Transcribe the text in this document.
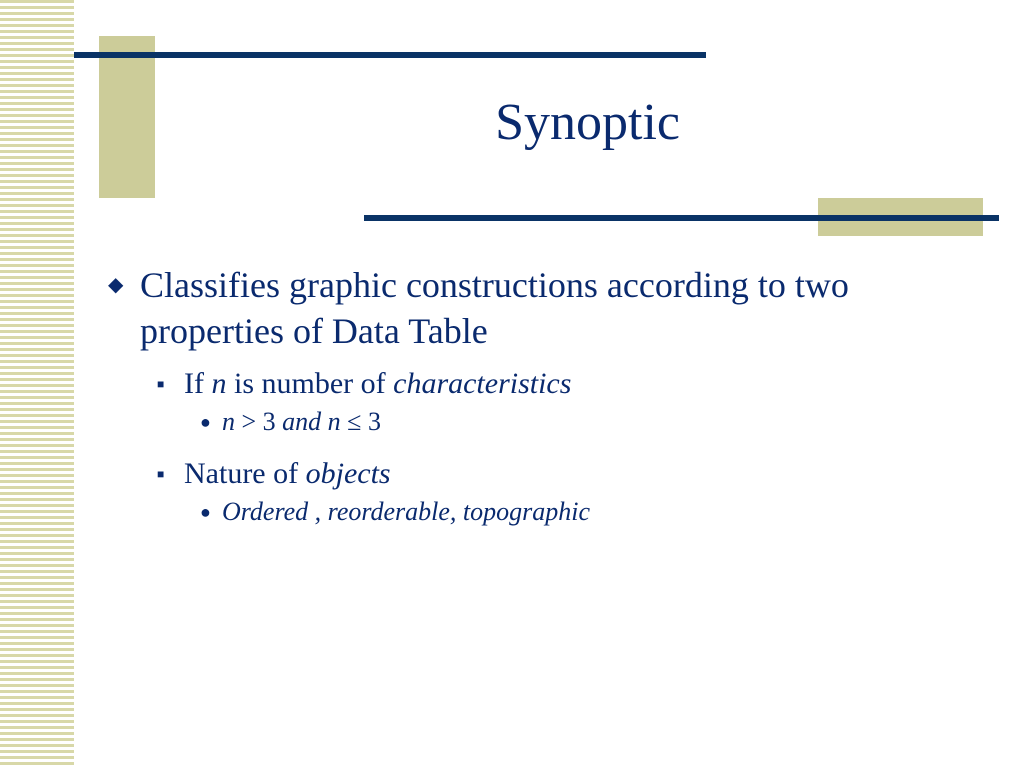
Synoptic
◆ Classifies graphic constructions according to two properties of Data Table
■ If n is number of characteristics
● n > 3 and n ≤ 3
■ Nature of objects
● Ordered , reorderable, topographic
